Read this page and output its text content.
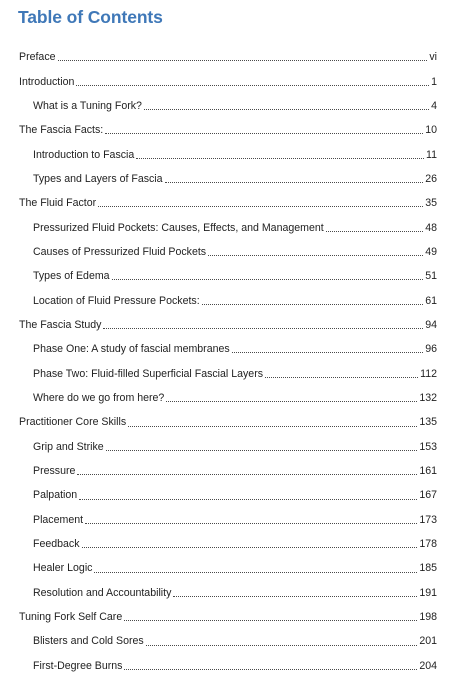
Table of Contents
Preface	vi
Introduction	1
What is a Tuning Fork?	4
The Fascia Facts:	10
Introduction to Fascia	11
Types and Layers of Fascia	26
The Fluid Factor	35
Pressurized Fluid Pockets: Causes, Effects, and Management	48
Causes of Pressurized Fluid Pockets	49
Types of Edema	51
Location of Fluid Pressure Pockets:	61
The Fascia Study	94
Phase One: A study of fascial membranes	96
Phase Two: Fluid-filled Superficial Fascial Layers	112
Where do we go from here?	132
Practitioner Core Skills	135
Grip and Strike	153
Pressure	161
Palpation	167
Placement	173
Feedback	178
Healer Logic	185
Resolution and Accountability	191
Tuning Fork Self Care	198
Blisters and Cold Sores	201
First-Degree Burns	204
